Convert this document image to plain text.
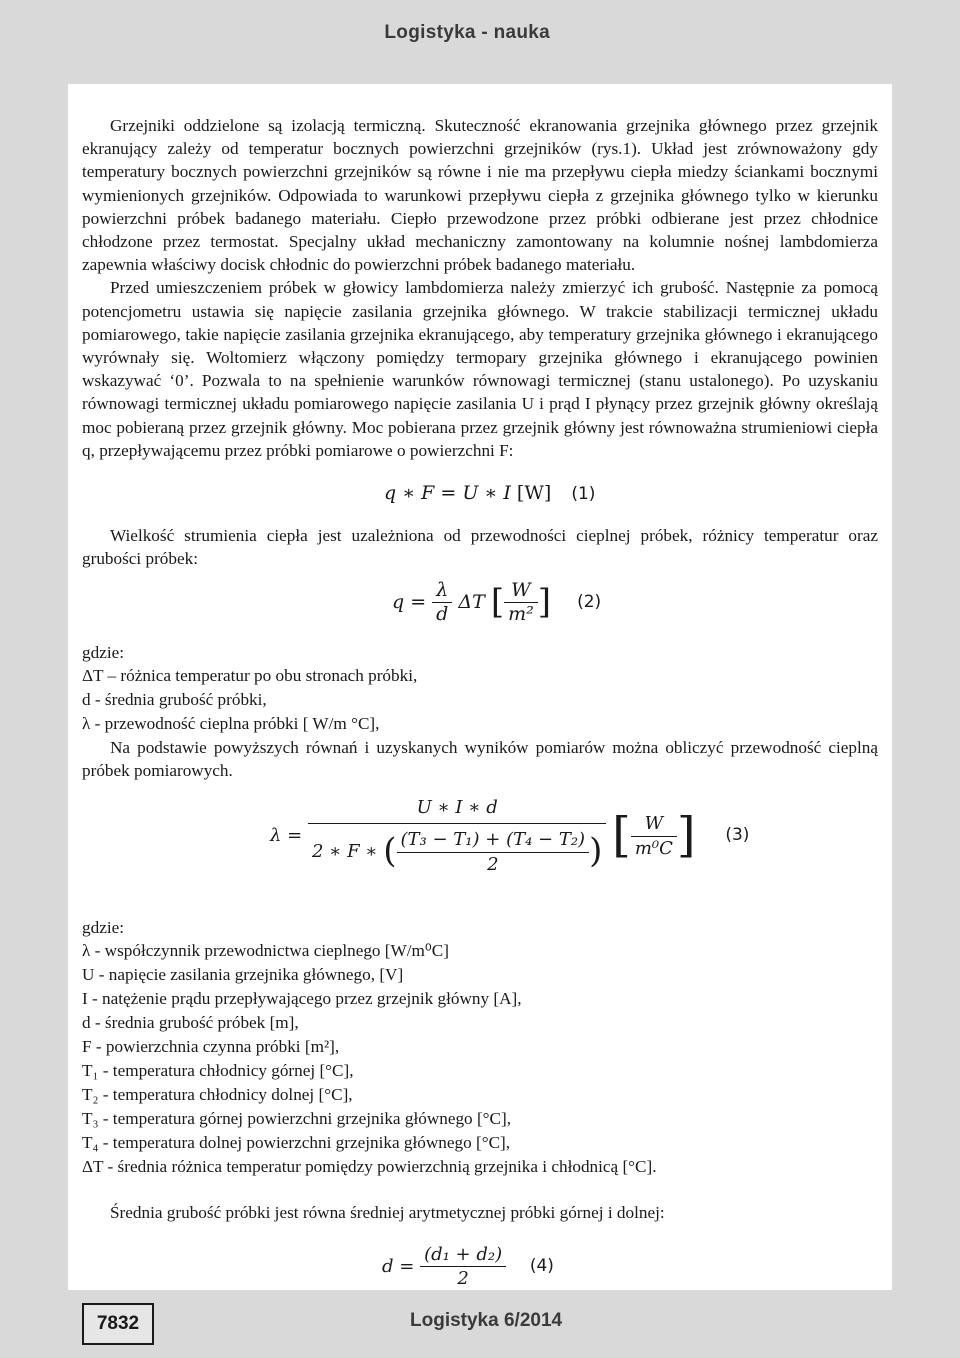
Logistyka - nauka

Grzejniki oddzielone są izolacją termiczną. Skuteczność ekranowania grzejnika głównego przez grzejnik ekranujący zależy od temperatur bocznych powierzchni grzejników (rys.1). Układ jest zrównoważony gdy temperatury bocznych powierzchni grzejników są równe i nie ma przepływu ciepła miedzy ściankami bocznymi wymienionych grzejników. Odpowiada to warunkowi przepływu ciepła z grzejnika głównego tylko w kierunku powierzchni próbek badanego materiału. Ciepło przewodzone przez próbki odbierane jest przez chłodnice chłodzone przez termostat. Specjalny układ mechaniczny zamontowany na kolumnie nośnej lambdomierza zapewnia właściwy docisk chłodnic do powierzchni próbek badanego materiału.

Przed umieszczeniem próbek w głowicy lambdomierza należy zmierzyć ich grubość. Następnie za pomocą potencjometru ustawia się napięcie zasilania grzejnika głównego. W trakcie stabilizacji termicznej układu pomiarowego, takie napięcie zasilania grzejnika ekranującego, aby temperatury grzejnika głównego i ekranującego wyrównały się. Woltomierz włączony pomiędzy termopary grzejnika głównego i ekranującego powinien wskazywać ‘0’. Pozwala to na spełnienie warunków równowagi termicznej (stanu ustalonego). Po uzyskaniu równowagi termicznej układu pomiarowego napięcie zasilania U i prąd I płynący przez grzejnik główny określają moc pobieraną przez grzejnik główny. Moc pobierana przez grzejnik główny jest równoważna strumieniowi ciepła q, przepływającemu przez próbki pomiarowe o powierzchni F:

q ∗ F = U ∗ I [W] (1)

Wielkość strumienia ciepła jest uzależniona od przewodności cieplnej próbek, różnicy temperatur oraz grubości próbek:

$q = \frac{\lambda}{d}$ ΔT [ $\frac{W}{\text{m²}}$ ] (2)
gdzie:
ΔT – różnica temperatur po obu stronach próbki,
d - średnia grubość próbki,
λ - przewodność cieplna próbki [ W/m °C],

Na podstawie powyższych równań i uzyskanych wyników pomiarów można obliczyć przewodność cieplną próbek pomiarowych.

λ =
U ∗ I ∗ d
2 ∗ F ∗ ( $\frac{\text{(T₃ − T₁) + (T₄ − T₂)}}{2}$ ) [ $\frac{W}{\text{m⁰C}}$ ] (3)
gdzie:
λ - współczynnik przewodnictwa cieplnego [W/m⁰C]
U - napięcie zasilania grzejnika głównego, [V]
I - natężenie prądu przepływającego przez grzejnik główny [A],
d - średnia grubość próbek [m],
F - powierzchnia czynna próbki [m²],
T₁ - temperatura chłodnicy górnej [°C],
T₂ - temperatura chłodnicy dolnej [°C],
T₃ - temperatura górnej powierzchni grzejnika głównego [°C],
T₄ - temperatura dolnej powierzchni grzejnika głównego [°C],
ΔT - średnia różnica temperatur pomiędzy powierzchnią grzejnika i chłodnicą [°C].

Średnia grubość próbki jest równa średniej arytmetycznej próbki górnej i dolnej:

$d = \frac{\text{(d₁ + d₂)}}{2} (4)$
7832	Logistyka 6/2014
